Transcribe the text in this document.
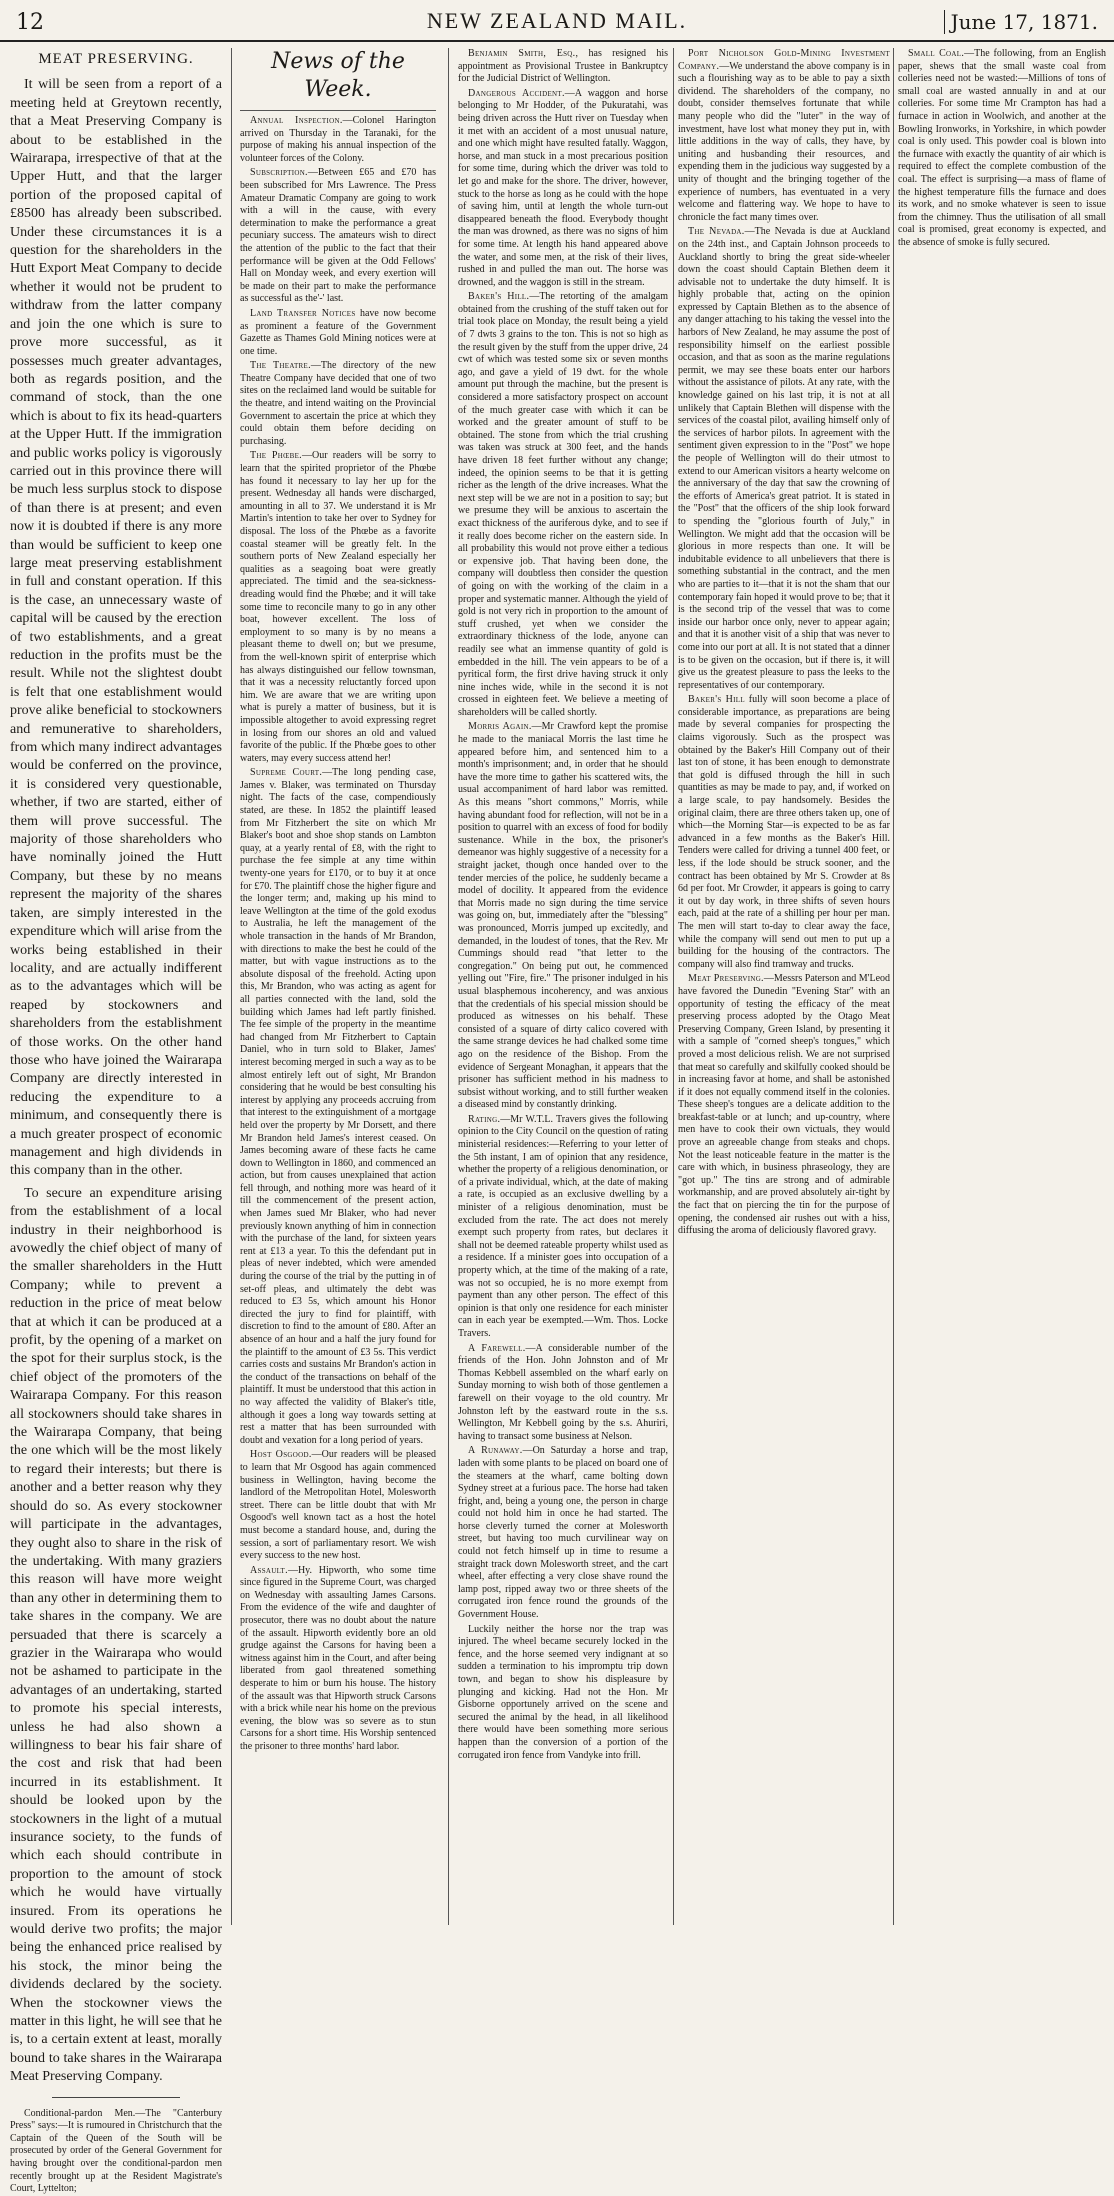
12	NEW ZEALAND MAIL.	June 17, 1871.
MEAT PRESERVING.

It will be seen from a report of a meeting held at Greytown recently, that a Meat Preserving Company is about to be established in the Wairarapa, irrespective of that at the Upper Hutt, and that the larger portion of the proposed capital of £8500 has already been subscribed. Under these circumstances it is a question for the shareholders in the Hutt Export Meat Company to decide whether it would not be prudent to withdraw from the latter company and join the one which is sure to prove more successful, as it possesses much greater advantages, both as regards position, and the command of stock, than the one which is about to fix its head-quarters at the Upper Hutt. If the immigration and public works policy is vigorously carried out in this province there will be much less surplus stock to dispose of than there is at present; and even now it is doubted if there is any more than would be sufficient to keep one large meat preserving establishment in full and constant operation. If this is the case, an unnecessary waste of capital will be caused by the erection of two establishments, and a great reduction in the profits must be the result. While not the slightest doubt is felt that one establishment would prove alike beneficial to stockowners and remunerative to shareholders, from which many indirect advantages would be conferred on the province, it is considered very questionable, whether, if two are started, either of them will prove successful. The majority of those shareholders who have nominally joined the Hutt Company, but these by no means represent the majority of the shares taken, are simply interested in the expenditure which will arise from the works being established in their locality, and are actually indifferent as to the advantages which will be reaped by stockowners and shareholders from the establishment of those works. On the other hand those who have joined the Wairarapa Company are directly interested in reducing the expenditure to a minimum, and consequently there is a much greater prospect of economic management and high dividends in this company than in the other.

To secure an expenditure arising from the establishment of a local industry in their neighborhood is avowedly the chief object of many of the smaller shareholders in the Hutt Company; while to prevent a reduction in the price of meat below that at which it can be produced at a profit, by the opening of a market on the spot for their surplus stock, is the chief object of the promoters of the Wairarapa Company. For this reason all stockowners should take shares in the Wairarapa Company, that being the one which will be the most likely to regard their interests; but there is another and a better reason why they should do so. As every stockowner will participate in the advantages, they ought also to share in the risk of the undertaking. With many graziers this reason will have more weight than any other in determining them to take shares in the company. We are persuaded that there is scarcely a grazier in the Wairarapa who would not be ashamed to participate in the advantages of an undertaking, started to promote his special interests, unless he had also shown a willingness to bear his fair share of the cost and risk that had been incurred in its establishment. It should be looked upon by the stockowners in the light of a mutual insurance society, to the funds of which each should contribute in proportion to the amount of stock which he would have virtually insured. From its operations he would derive two profits; the major being the enhanced price realised by his stock, the minor being the dividends declared by the society. When the stockowner views the matter in this light, he will see that he is, to a certain extent at least, morally bound to take shares in the Wairarapa Meat Preserving Company.

Conditional-pardon Men.—The "Canterbury Press" says:—It is rumoured in Christchurch that the Captain of the Queen of the South will be prosecuted by order of the General Government for having brought over the conditional-pardon men recently brought up at the Resident Magistrate's Court, Lyttelton;

News of the Week.

Annual Inspection.—Colonel Harington arrived on Thursday in the Taranaki, for the purpose of making his annual inspection of the volunteer forces of the Colony.

Subscription.—Between £65 and £70 has been subscribed for Mrs Lawrence. The Press Amateur Dramatic Company are going to work with a will in the cause, with every determination to make the performance a great pecuniary success. The amateurs wish to direct the attention of the public to the fact that their performance will be given at the Odd Fellows' Hall on Monday week, and every exertion will be made on their part to make the performance as successful as the'-' last.

Land Transfer Notices have now become as prominent a feature of the Government Gazette as Thames Gold Mining notices were at one time.

The Theatre.—The directory of the new Theatre Company have decided that one of two sites on the reclaimed land would be suitable for the theatre, and intend waiting on the Provincial Government to ascertain the price at which they could obtain them before deciding on purchasing.

The Phœbe.—Our readers will be sorry to learn that the spirited proprietor of the Phœbe has found it necessary to lay her up for the present. Wednesday all hands were discharged, amounting in all to 37. We understand it is Mr Martin's intention to take her over to Sydney for disposal. The loss of the Phœbe as a favorite coastal steamer will be greatly felt. In the southern ports of New Zealand especially her qualities as a seagoing boat were greatly appreciated. The timid and the sea-sickness-dreading would find the Phœbe; and it will take some time to reconcile many to go in any other boat, however excellent. The loss of employment to so many is by no means a pleasant theme to dwell on; but we presume, from the well-known spirit of enterprise which has always distinguished our fellow townsman, that it was a necessity reluctantly forced upon him. We are aware that we are writing upon what is purely a matter of business, but it is impossible altogether to avoid expressing regret in losing from our shores an old and valued favorite of the public. If the Phœbe goes to other waters, may every success attend her!

Supreme Court.—The long pending case, James v. Blaker, was terminated on Thursday night. The facts of the case, compendiously stated, are these. In 1852 the plaintiff leased from Mr Fitzherbert the site on which Mr Blaker's boot and shoe shop stands on Lambton quay, at a yearly rental of £8, with the right to purchase the fee simple at any time within twenty-one years for £170, or to buy it at once for £70. The plaintiff chose the higher figure and the longer term; and, making up his mind to leave Wellington at the time of the gold exodus to Australia, he left the management of the whole transaction in the hands of Mr Brandon, with directions to make the best he could of the matter, but with vague instructions as to the absolute disposal of the freehold. Acting upon this, Mr Brandon, who was acting as agent for all parties connected with the land, sold the building which James had left partly finished. The fee simple of the property in the meantime had changed from Mr Fitzherbert to Captain Daniel, who in turn sold to Blaker, James' interest becoming merged in such a way as to be almost entirely left out of sight, Mr Brandon considering that he would be best consulting his interest by applying any proceeds accruing from that interest to the extinguishment of a mortgage held over the property by Mr Dorsett, and there Mr Brandon held James's interest ceased. On James becoming aware of these facts he came down to Wellington in 1860, and commenced an action, but from causes unexplained that action fell through, and nothing more was heard of it till the commencement of the present action, when James sued Mr Blaker, who had never previously known anything of him in connection with the purchase of the land, for sixteen years rent at £13 a year. To this the defendant put in pleas of never indebted, which were amended during the course of the trial by the putting in of set-off pleas, and ultimately the debt was reduced to £3 5s, which amount his Honor directed the jury to find for plaintiff, with discretion to find to the amount of £80. After an absence of an hour and a half the jury found for the plaintiff to the amount of £3 5s. This verdict carries costs and sustains Mr Brandon's action in the conduct of the transactions on behalf of the plaintiff. It must be understood that this action in no way affected the validity of Blaker's title, although it goes a long way towards setting at rest a matter that has been surrounded with doubt and vexation for a long period of years.

Host Osgood.—Our readers will be pleased to learn that Mr Osgood has again commenced business in Wellington, having become the landlord of the Metropolitan Hotel, Molesworth street. There can be little doubt that with Mr Osgood's well known tact as a host the hotel must become a standard house, and, during the session, a sort of parliamentary resort. We wish every success to the new host.

Assault.—Hy. Hipworth, who some time since figured in the Supreme Court, was charged on Wednesday with assaulting James Carsons. From the evidence of the wife and daughter of prosecutor, there was no doubt about the nature of the assault. Hipworth evidently bore an old grudge against the Carsons for having been a witness against him in the Court, and after being liberated from gaol threatened something desperate to him or burn his house. The history of the assault was that Hipworth struck Carsons with a brick while near his home on the previous evening, the blow was so severe as to stun Carsons for a short time. His Worship sentenced the prisoner to three months' hard labor.

Benjamin Smith, Esq., has resigned his appointment as Provisional Trustee in Bankruptcy for the Judicial District of Wellington.

Dangerous Accident.—A waggon and horse belonging to Mr Hodder, of the Pukuratahi, was being driven across the Hutt river on Tuesday when it met with an accident of a most unusual nature, and one which might have resulted fatally. Waggon, horse, and man stuck in a most precarious position for some time, during which the driver was told to let go and make for the shore. The driver, however, stuck to the horse as long as he could with the hope of saving him, until at length the whole turn-out disappeared beneath the flood. Everybody thought the man was drowned, as there was no signs of him for some time. At length his hand appeared above the water, and some men, at the risk of their lives, rushed in and pulled the man out. The horse was drowned, and the waggon is still in the stream.

Baker's Hill.—The retorting of the amalgam obtained from the crushing of the stuff taken out for trial took place on Monday, the result being a yield of 7 dwts 3 grains to the ton. This is not so high as the result given by the stuff from the upper drive, 24 cwt of which was tested some six or seven months ago, and gave a yield of 19 dwt. for the whole amount put through the machine, but the present is considered a more satisfactory prospect on account of the much greater case with which it can be worked and the greater amount of stuff to be obtained. The stone from which the trial crushing was taken was struck at 300 feet, and the hands have driven 18 feet further without any change; indeed, the opinion seems to be that it is getting richer as the length of the drive increases. What the next step will be we are not in a position to say; but we presume they will be anxious to ascertain the exact thickness of the auriferous dyke, and to see if it really does become richer on the eastern side. In all probability this would not prove either a tedious or expensive job. That having been done, the company will doubtless then consider the question of going on with the working of the claim in a proper and systematic manner. Although the yield of gold is not very rich in proportion to the amount of stuff crushed, yet when we consider the extraordinary thickness of the lode, anyone can readily see what an immense quantity of gold is embedded in the hill. The vein appears to be of a pyritical form, the first drive having struck it only nine inches wide, while in the second it is not crossed in eighteen feet. We believe a meeting of shareholders will be called shortly.

Morris Again.—Mr Crawford kept the promise he made to the maniacal Morris the last time he appeared before him, and sentenced him to a month's imprisonment; and, in order that he should have the more time to gather his scattered wits, the usual accompaniment of hard labor was remitted. As this means "short commons," Morris, while having abundant food for reflection, will not be in a position to quarrel with an excess of food for bodily sustenance. While in the box, the prisoner's demeanor was highly suggestive of a necessity for a straight jacket, though once handed over to the tender mercies of the police, he suddenly became a model of docility. It appeared from the evidence that Morris made no sign during the time service was going on, but, immediately after the "blessing" was pronounced, Morris jumped up excitedly, and demanded, in the loudest of tones, that the Rev. Mr Cummings should read "that letter to the congregation." On being put out, he commenced yelling out "Fire, fire." The prisoner indulged in his usual blasphemous incoherency, and was anxious that the credentials of his special mission should be produced as witnesses on his behalf. These consisted of a square of dirty calico covered with the same strange devices he had chalked some time ago on the residence of the Bishop. From the evidence of Sergeant Monaghan, it appears that the prisoner has sufficient method in his madness to subsist without working, and to still further weaken a diseased mind by constantly drinking.

Rating.—Mr W.T.L. Travers gives the following opinion to the City Council on the question of rating ministerial residences:—Referring to your letter of the 5th instant, I am of opinion that any residence, whether the property of a religious denomination, or of a private individual, which, at the date of making a rate, is occupied as an exclusive dwelling by a minister of a religious denomination, must be excluded from the rate. The act does not merely exempt such property from rates, but declares it shall not be deemed rateable property whilst used as a residence. If a minister goes into occupation of a property which, at the time of the making of a rate, was not so occupied, he is no more exempt from payment than any other person. The effect of this opinion is that only one residence for each minister can in each year be exempted.—Wm. Thos. Locke Travers.

A Farewell.—A considerable number of the friends of the Hon. John Johnston and of Mr Thomas Kebbell assembled on the wharf early on Sunday morning to wish both of those gentlemen a farewell on their voyage to the old country. Mr Johnston left by the eastward route in the s.s. Wellington, Mr Kebbell going by the s.s. Ahuriri, having to transact some business at Nelson.

A Runaway.—On Saturday a horse and trap, laden with some plants to be placed on board one of the steamers at the wharf, came bolting down Sydney street at a furious pace. The horse had taken fright, and, being a young one, the person in charge could not hold him in once he had started. The horse cleverly turned the corner at Molesworth street, but having too much curvilinear way on could not fetch himself up in time to resume a straight track down Molesworth street, and the cart wheel, after effecting a very close shave round the lamp post, ripped away two or three sheets of the corrugated iron fence round the grounds of the Government House.

Luckily neither the horse nor the trap was injured. The wheel became securely locked in the fence, and the horse seemed very indignant at so sudden a termination to his impromptu trip down town, and began to show his displeasure by plunging and kicking. Had not the Hon. Mr Gisborne opportunely arrived on the scene and secured the animal by the head, in all likelihood there would have been something more serious happen than the conversion of a portion of the corrugated iron fence from Vandyke into frill.

Port Nicholson Gold-Mining Investment Company.—We understand the above company is in such a flourishing way as to be able to pay a sixth dividend. The shareholders of the company, no doubt, consider themselves fortunate that while many people who did the "luter" in the way of investment, have lost what money they put in, with little additions in the way of calls, they have, by uniting and husbanding their resources, and expending them in the judicious way suggested by a unity of thought and the bringing together of the experience of numbers, has eventuated in a very welcome and flattering way. We hope to have to chronicle the fact many times over.

The Nevada.—The Nevada is due at Auckland on the 24th inst., and Captain Johnson proceeds to Auckland shortly to bring the great side-wheeler down the coast should Captain Blethen deem it advisable not to undertake the duty himself. It is highly probable that, acting on the opinion expressed by Captain Blethen as to the absence of any danger attaching to his taking the vessel into the harbors of New Zealand, he may assume the post of responsibility himself on the earliest possible occasion, and that as soon as the marine regulations permit, we may see these boats enter our harbors without the assistance of pilots. At any rate, with the knowledge gained on his last trip, it is not at all unlikely that Captain Blethen will dispense with the services of the coastal pilot, availing himself only of the services of harbor pilots. In agreement with the sentiment given expression to in the "Post" we hope the people of Wellington will do their utmost to extend to our American visitors a hearty welcome on the anniversary of the day that saw the crowning of the efforts of America's great patriot. It is stated in the "Post" that the officers of the ship look forward to spending the "glorious fourth of July," in Wellington. We might add that the occasion will be glorious in more respects than one. It will be indubitable evidence to all unbelievers that there is something substantial in the contract, and the men who are parties to it—that it is not the sham that our contemporary fain hoped it would prove to be; that it is the second trip of the vessel that was to come inside our harbor once only, never to appear again; and that it is another visit of a ship that was never to come into our port at all. It is not stated that a dinner is to be given on the occasion, but if there is, it will give us the greatest pleasure to pass the leeks to the representatives of our contemporary.

Baker's Hill fully will soon become a place of considerable importance, as preparations are being made by several companies for prospecting the claims vigorously. Such as the prospect was obtained by the Baker's Hill Company out of their last ton of stone, it has been enough to demonstrate that gold is diffused through the hill in such quantities as may be made to pay, and, if worked on a large scale, to pay handsomely. Besides the original claim, there are three others taken up, one of which—the Morning Star—is expected to be as far advanced in a few months as the Baker's Hill. Tenders were called for driving a tunnel 400 feet, or less, if the lode should be struck sooner, and the contract has been obtained by Mr S. Crowder at 8s 6d per foot. Mr Crowder, it appears is going to carry it out by day work, in three shifts of seven hours each, paid at the rate of a shilling per hour per man. The men will start to-day to clear away the face, while the company will send out men to put up a building for the housing of the contractors. The company will also find tramway and trucks.

Meat Preserving.—Messrs Paterson and M'Leod have favored the Dunedin "Evening Star" with an opportunity of testing the efficacy of the meat preserving process adopted by the Otago Meat Preserving Company, Green Island, by presenting it with a sample of "corned sheep's tongues," which proved a most delicious relish. We are not surprised that meat so carefully and skilfully cooked should be in increasing favor at home, and shall be astonished if it does not equally commend itself in the colonies. These sheep's tongues are a delicate addition to the breakfast-table or at lunch; and up-country, where men have to cook their own victuals, they would prove an agreeable change from steaks and chops. Not the least noticeable feature in the matter is the care with which, in business phraseology, they are "got up." The tins are strong and of admirable workmanship, and are proved absolutely air-tight by the fact that on piercing the tin for the purpose of opening, the condensed air rushes out with a hiss, diffusing the aroma of deliciously flavored gravy.

Small Coal.—The following, from an English paper, shews that the small waste coal from colleries need not be wasted:—Millions of tons of small coal are wasted annually in and at our colleries. For some time Mr Crampton has had a furnace in action in Woolwich, and another at the Bowling Ironworks, in Yorkshire, in which powder coal is only used. This powder coal is blown into the furnace with exactly the quantity of air which is required to effect the complete combustion of the coal. The effect is surprising—a mass of flame of the highest temperature fills the furnace and does its work, and no smoke whatever is seen to issue from the chimney. Thus the utilisation of all small coal is promised, great economy is expected, and the absence of smoke is fully secured.
